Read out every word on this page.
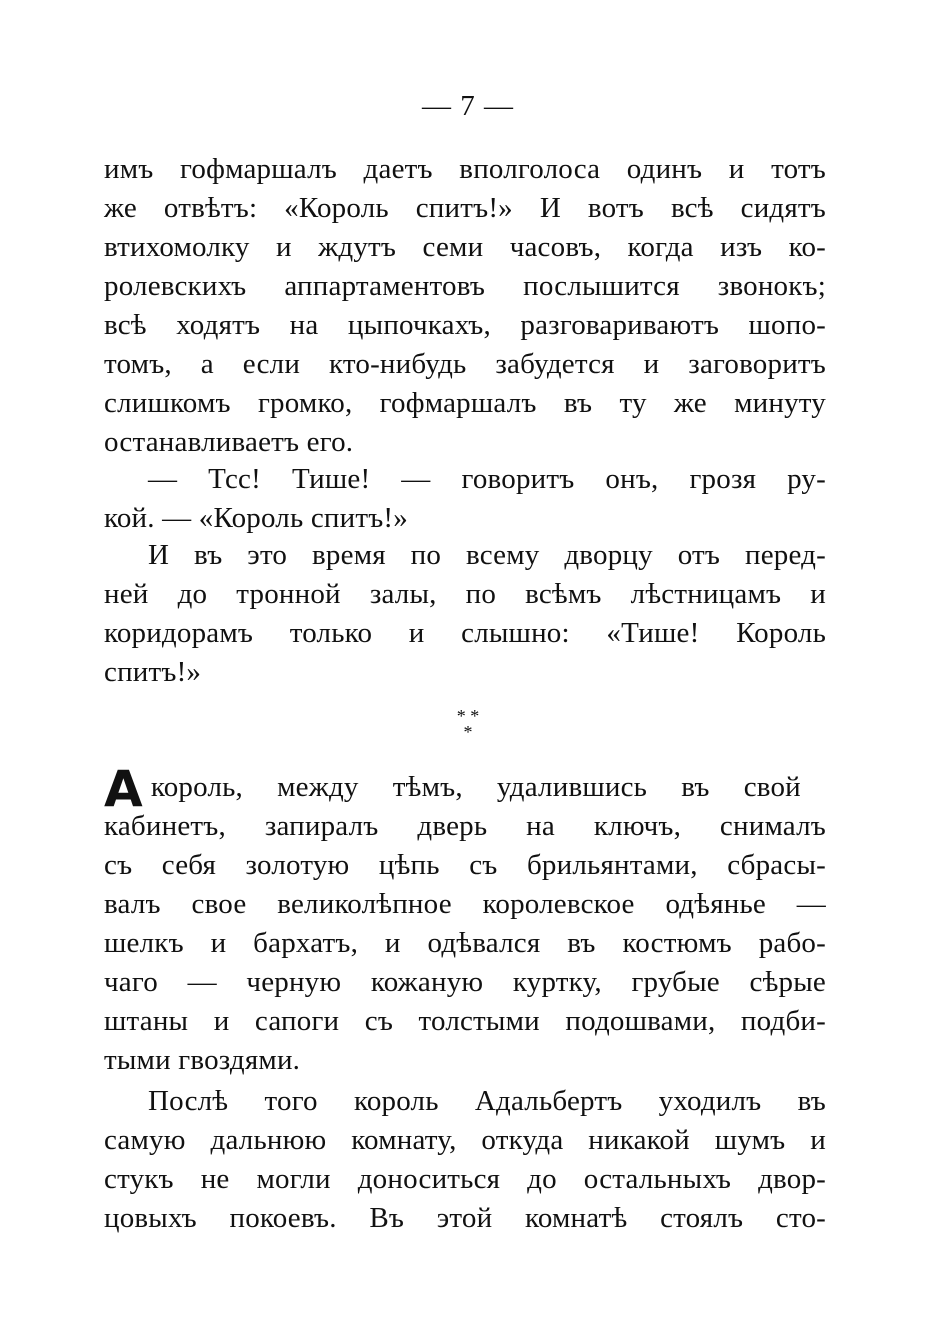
— 7 —
имъ гофмаршалъ даетъ вполголоса одинъ и тотъ
же отвѣтъ: «Король спитъ!» И вотъ всѣ сидятъ
втихомолку и ждутъ семи часовъ, когда изъ ко-
ролевскихъ аппартаментовъ послышится звонокъ;
всѣ ходятъ на цыпочкахъ, разговариваютъ шопо-
томъ, а если кто-нибудь забудется и заговоритъ
слишкомъ громко, гофмаршалъ въ ту же минуту
останавливаетъ его.
— Тсс! Тише! — говоритъ онъ, грозя ру-
кой. — «Король спитъ!»
И въ это время по всему дворцу отъ перед-
ней до тронной залы, по всѣмъ лѣстницамъ и
коридорамъ только и слышно: «Тише! Король
спитъ!»
* *
*
А король, между тѣмъ, удалившись въ свой
кабинетъ, запиралъ дверь на ключъ, снималъ
съ себя золотую цѣпь съ брильянтами, сбрасы-
валъ свое великолѣпное королевское одѣянье —
шелкъ и бархатъ, и одѣвался въ костюмъ рабо-
чаго — черную кожаную куртку, грубые сѣрые
штаны и сапоги съ толстыми подошвами, подби-
тыми гвоздями.
Послѣ того король Адальбертъ уходилъ въ
самую дальнюю комнату, откуда никакой шумъ и
стукъ не могли доноситься до остальныхъ двор-
цовыхъ покоевъ. Въ этой комнатѣ стоялъ сто-
